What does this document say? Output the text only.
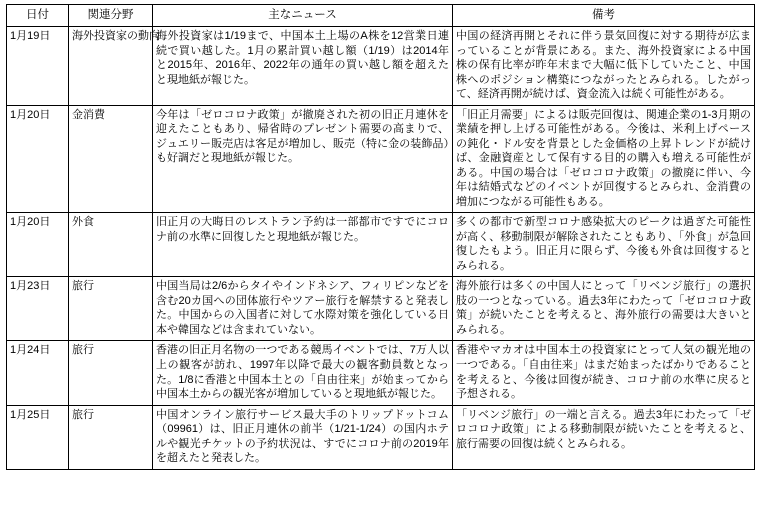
日付	関連分野	主なニュース	備考
1月19日	海外投資家の動向	海外投資家は1/19まで、中国本土上場のA株を12営業日連続で買い越した。1月の累計買い越し額（1/19）は2014年と2015年、2016年、2022年の通年の買い越し額を超えたと現地紙が報じた。	中国の経済再開とそれに伴う景気回復に対する期待が広まっていることが背景にある。また、海外投資家による中国株の保有比率が昨年末まで大幅に低下していたこと、中国株へのポジション構築につながったとみられる。したがって、経済再開が続けば、資金流入は続く可能性がある。
1月20日	金消費	今年は「ゼロコロナ政策」が撤廃された初の旧正月連休を迎えたこともあり、帰省時のプレゼント需要の高まりで、ジュエリー販売店は客足が増加し、販売（特に金の装飾品）も好調だと現地紙が報じた。	「旧正月需要」によるは販売回復は、関連企業の1-3月期の業績を押し上げる可能性がある。今後は、米利上げペースの鈍化・ドル安を背景とした金価格の上昇トレンドが続けば、金融資産として保有する目的の購入も増える可能性がある。中国の場合は「ゼロコロナ政策」の撤廃に伴い、今年は結婚式などのイベントが回復するとみられ、金消費の増加につながる可能性もある。
1月20日	外食	旧正月の大晦日のレストラン予約は一部都市ですでにコロナ前の水準に回復したと現地紙が報じた。	多くの都市で新型コロナ感染拡大のピークは過ぎた可能性が高く、移動制限が解除されたこともあり、「外食」が急回復したもよう。旧正月に限らず、今後も外食は回復するとみられる。
1月23日	旅行	中国当局は2/6からタイやインドネシア、フィリピンなどを含む20カ国への団体旅行やツアー旅行を解禁すると発表した。中国からの入国者に対して水際対策を強化している日本や韓国などは含まれていない。	海外旅行は多くの中国人にとって「リベンジ旅行」の選択肢の一つとなっている。過去3年にわたって「ゼロコロナ政策」が続いたことを考えると、海外旅行の需要は大きいとみられる。
1月24日	旅行	香港の旧正月名物の一つである競馬イベントでは、7万人以上の観客が訪れ、1997年以降で最大の観客動員数となった。1/8に香港と中国本土との「自由往来」が始まってから中国本土からの観光客が増加していると現地紙が報じた。	香港やマカオは中国本土の投資家にとって人気の観光地の一つである。「自由往来」はまだ始まったばかりであることを考えると、今後は回復が続き、コロナ前の水準に戻ると予想される。
1月25日	旅行	中国オンライン旅行サービス最大手のトリップドットコム（09961）は、旧正月連休の前半（1/21-1/24）の国内ホテルや観光チケットの予約状況は、すでにコロナ前の2019年を超えたと発表した。	「リベンジ旅行」の一端と言える。過去3年にわたって「ゼロコロナ政策」による移動制限が続いたことを考えると、旅行需要の回復は続くとみられる。
